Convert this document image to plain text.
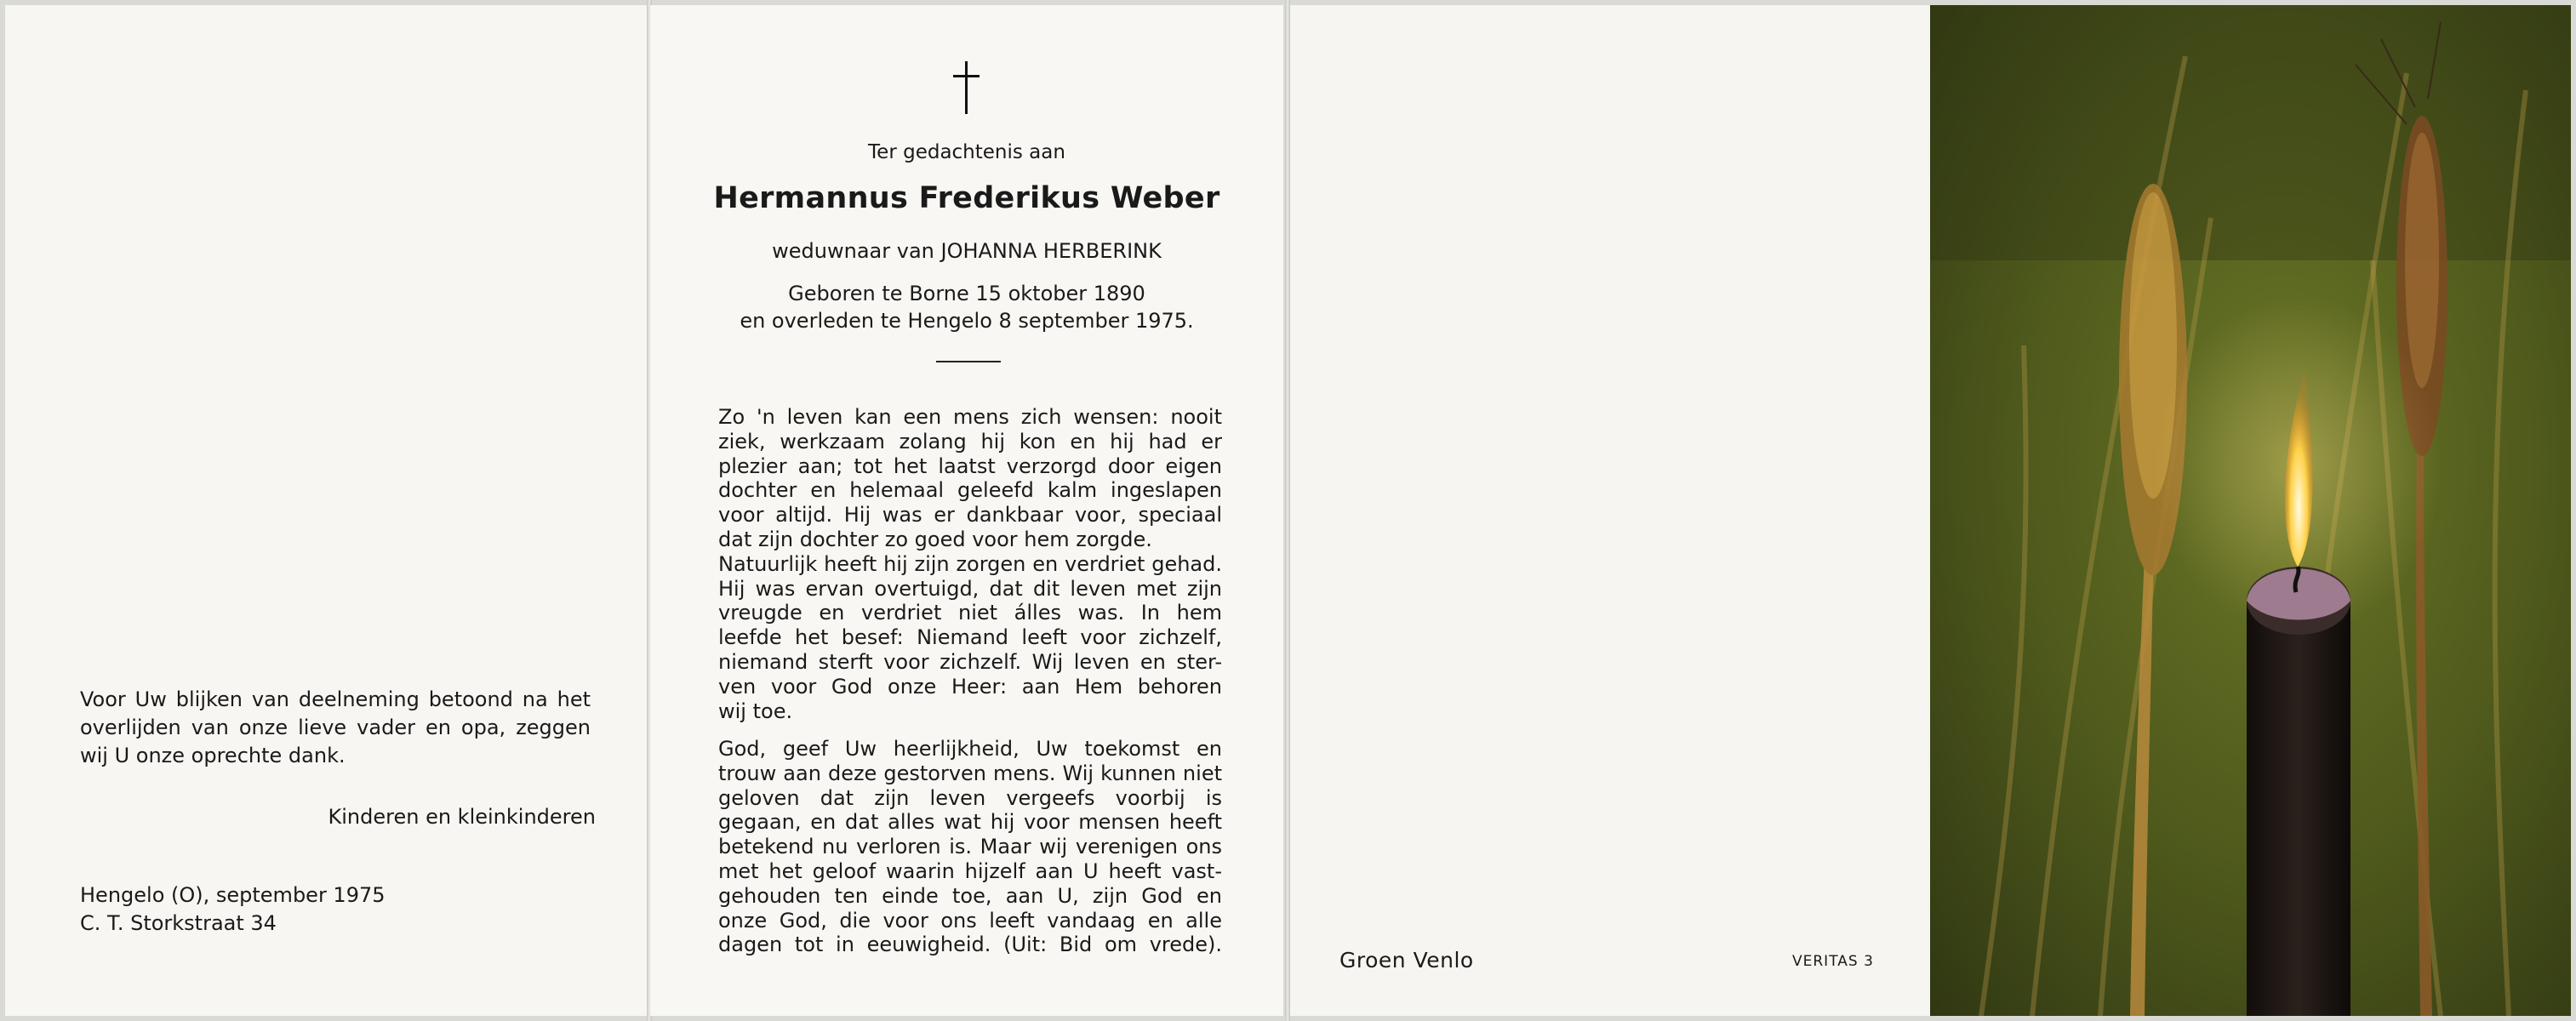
Voor Uw blijken van deelneming betoond na het overlijden van onze lieve vader en opa, zeggen wij U onze oprechte dank.
Kinderen en kleinkinderen
Hengelo (O), september 1975
C. T. Storkstraat 34
Ter gedachtenis aan
Hermannus Frederikus Weber
weduwnaar van JOHANNA HERBERINK
Geboren te Borne 15 oktober 1890
en overleden te Hengelo 8 september 1975.
Zo 'n leven kan een mens zich wensen: nooit
ziek, werkzaam zolang hij kon en hij had er
plezier aan; tot het laatst verzorgd door eigen
dochter en helemaal geleefd kalm ingeslapen
voor altijd. Hij was er dankbaar voor, speciaal
dat zijn dochter zo goed voor hem zorgde.
Natuurlijk heeft hij zijn zorgen en verdriet gehad.
Hij was ervan overtuigd, dat dit leven met zijn
vreugde en verdriet niet álles was. In hem
leefde het besef: Niemand leeft voor zichzelf,
niemand sterft voor zichzelf. Wij leven en ster-
ven voor God onze Heer: aan Hem behoren
wij toe.
God, geef Uw heerlijkheid, Uw toekomst en
trouw aan deze gestorven mens. Wij kunnen niet
geloven dat zijn leven vergeefs voorbij is
gegaan, en dat alles wat hij voor mensen heeft
betekend nu verloren is. Maar wij verenigen ons
met het geloof waarin hijzelf aan U heeft vast-
gehouden ten einde toe, aan U, zijn God en
onze God, die voor ons leeft vandaag en alle
dagen tot in eeuwigheid. (Uit: Bid om vrede).
Groen Venlo	VERITAS 3
